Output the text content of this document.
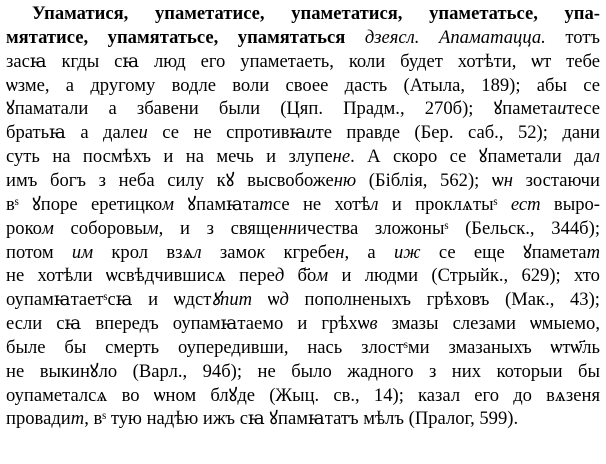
Упаматися, упаметатисе, упаметатися, упаметатьсе, упа-
мятатисе, упамятатьсе, упамятаться дзеясл. Апаматацца. тотъ
засꙗ кгды сꙗ люд его упаметаеть, коли будет хотѣти, ѡт тебе
ѡзме, а другому водле воли своее дасть (Атыла, 189); абы се
ꙋпаматали а збавени были (Цяп. Прадм., 270б); ꙋпаметаитесе
братьꙗ а далеи се не спротивꙗите правде (Бер. саб., 52); дани
суть на посмѣхъ и на мечь и злупене. А скоро се ꙋпаметали дал
имъ богъ з неба силу кꙋ высвобоженю (Біблія, 562); ѡн зостаючи
вˢ ꙋпоре еретицком ꙋпамꙗтатсе не хотѣл и проклѧтыˢ ест выро-
роком соборовым, и з священничества зложоныˢ (Бельск., 344б);
потом им крол взѧл замок кгребен, а иж се еще ꙋпаметат
не хотѣли ѡсвѣдчившисѧ перед б҃ом и людми (Стрыйк., 629); хто
оупамꙗтаетˢсꙗ и ѡдстꙋпит ѡд пополненыхъ грѣховъ (Мак., 43);
если сꙗ впередъ оупамꙗтаемо и грѣхѡв змазы слезами ѡмыемо,
быле бы смерть оупередивши, нась злостˢми змазаныхъ ѡтѡ҃ль
не выкинꙋло (Варл., 94б); не было жадного з них которыи бы
оупаметалсѧ во ѡном блꙋде (Жыц. св., 14); казал его до вѧзеня
провадит, вˢ тую надѣю ижъ сꙗ ꙋпамꙗтатъ мѣлъ (Пралог, 599).
